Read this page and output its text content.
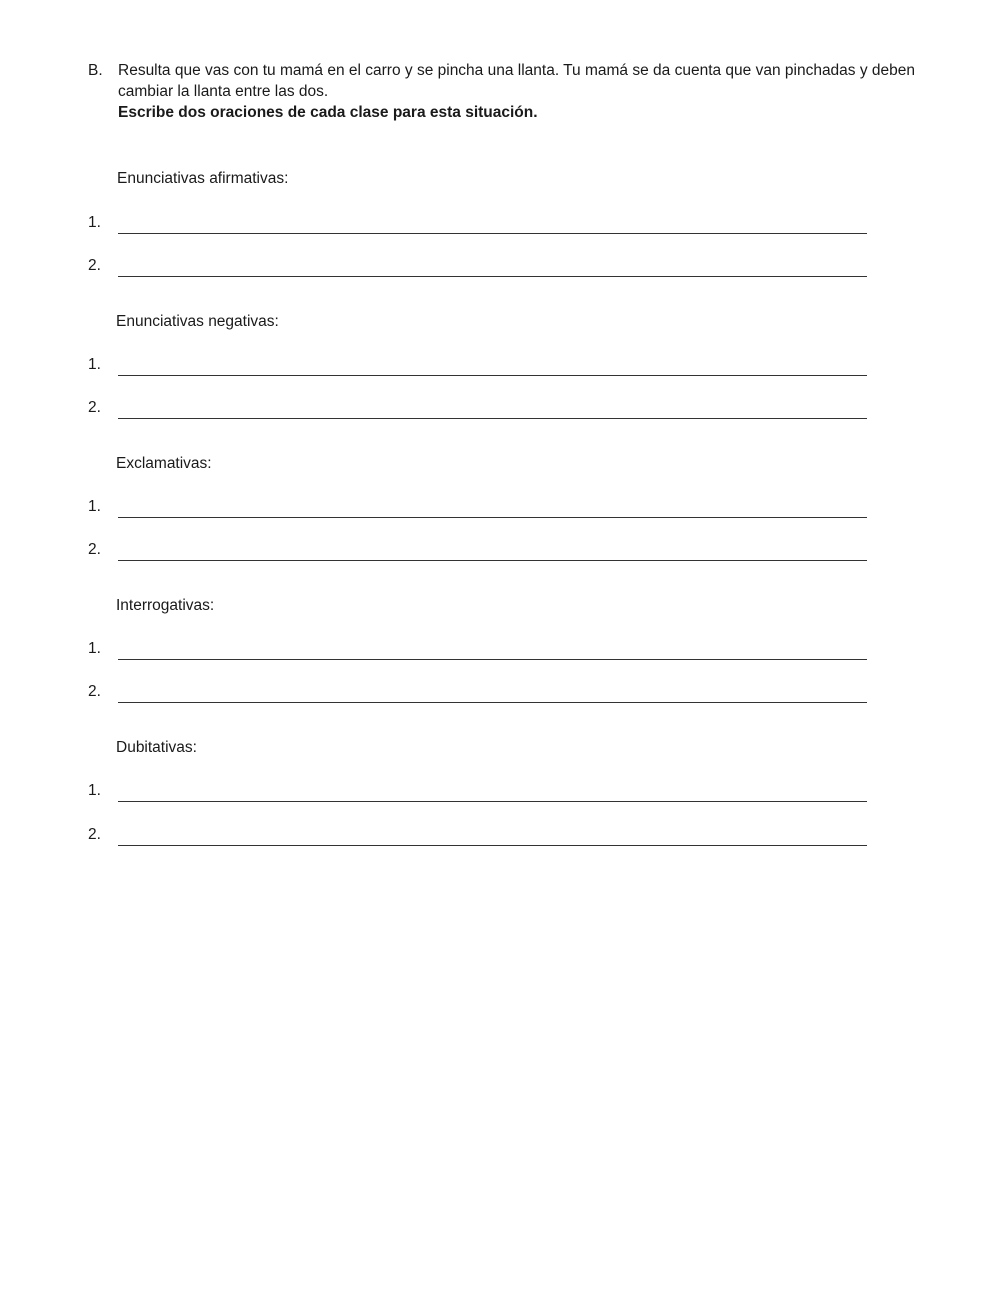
B. Resulta que vas con tu mamá en el carro y se pincha una llanta. Tu mamá se da cuenta que van pinchadas y deben cambiar la llanta entre las dos.
Escribe dos oraciones de cada clase para esta situación.
Enunciativas afirmativas:
1.
2.
Enunciativas negativas:
1.
2.
Exclamativas:
1.
2.
Interrogativas:
1.
2.
Dubitativas:
1.
2.
